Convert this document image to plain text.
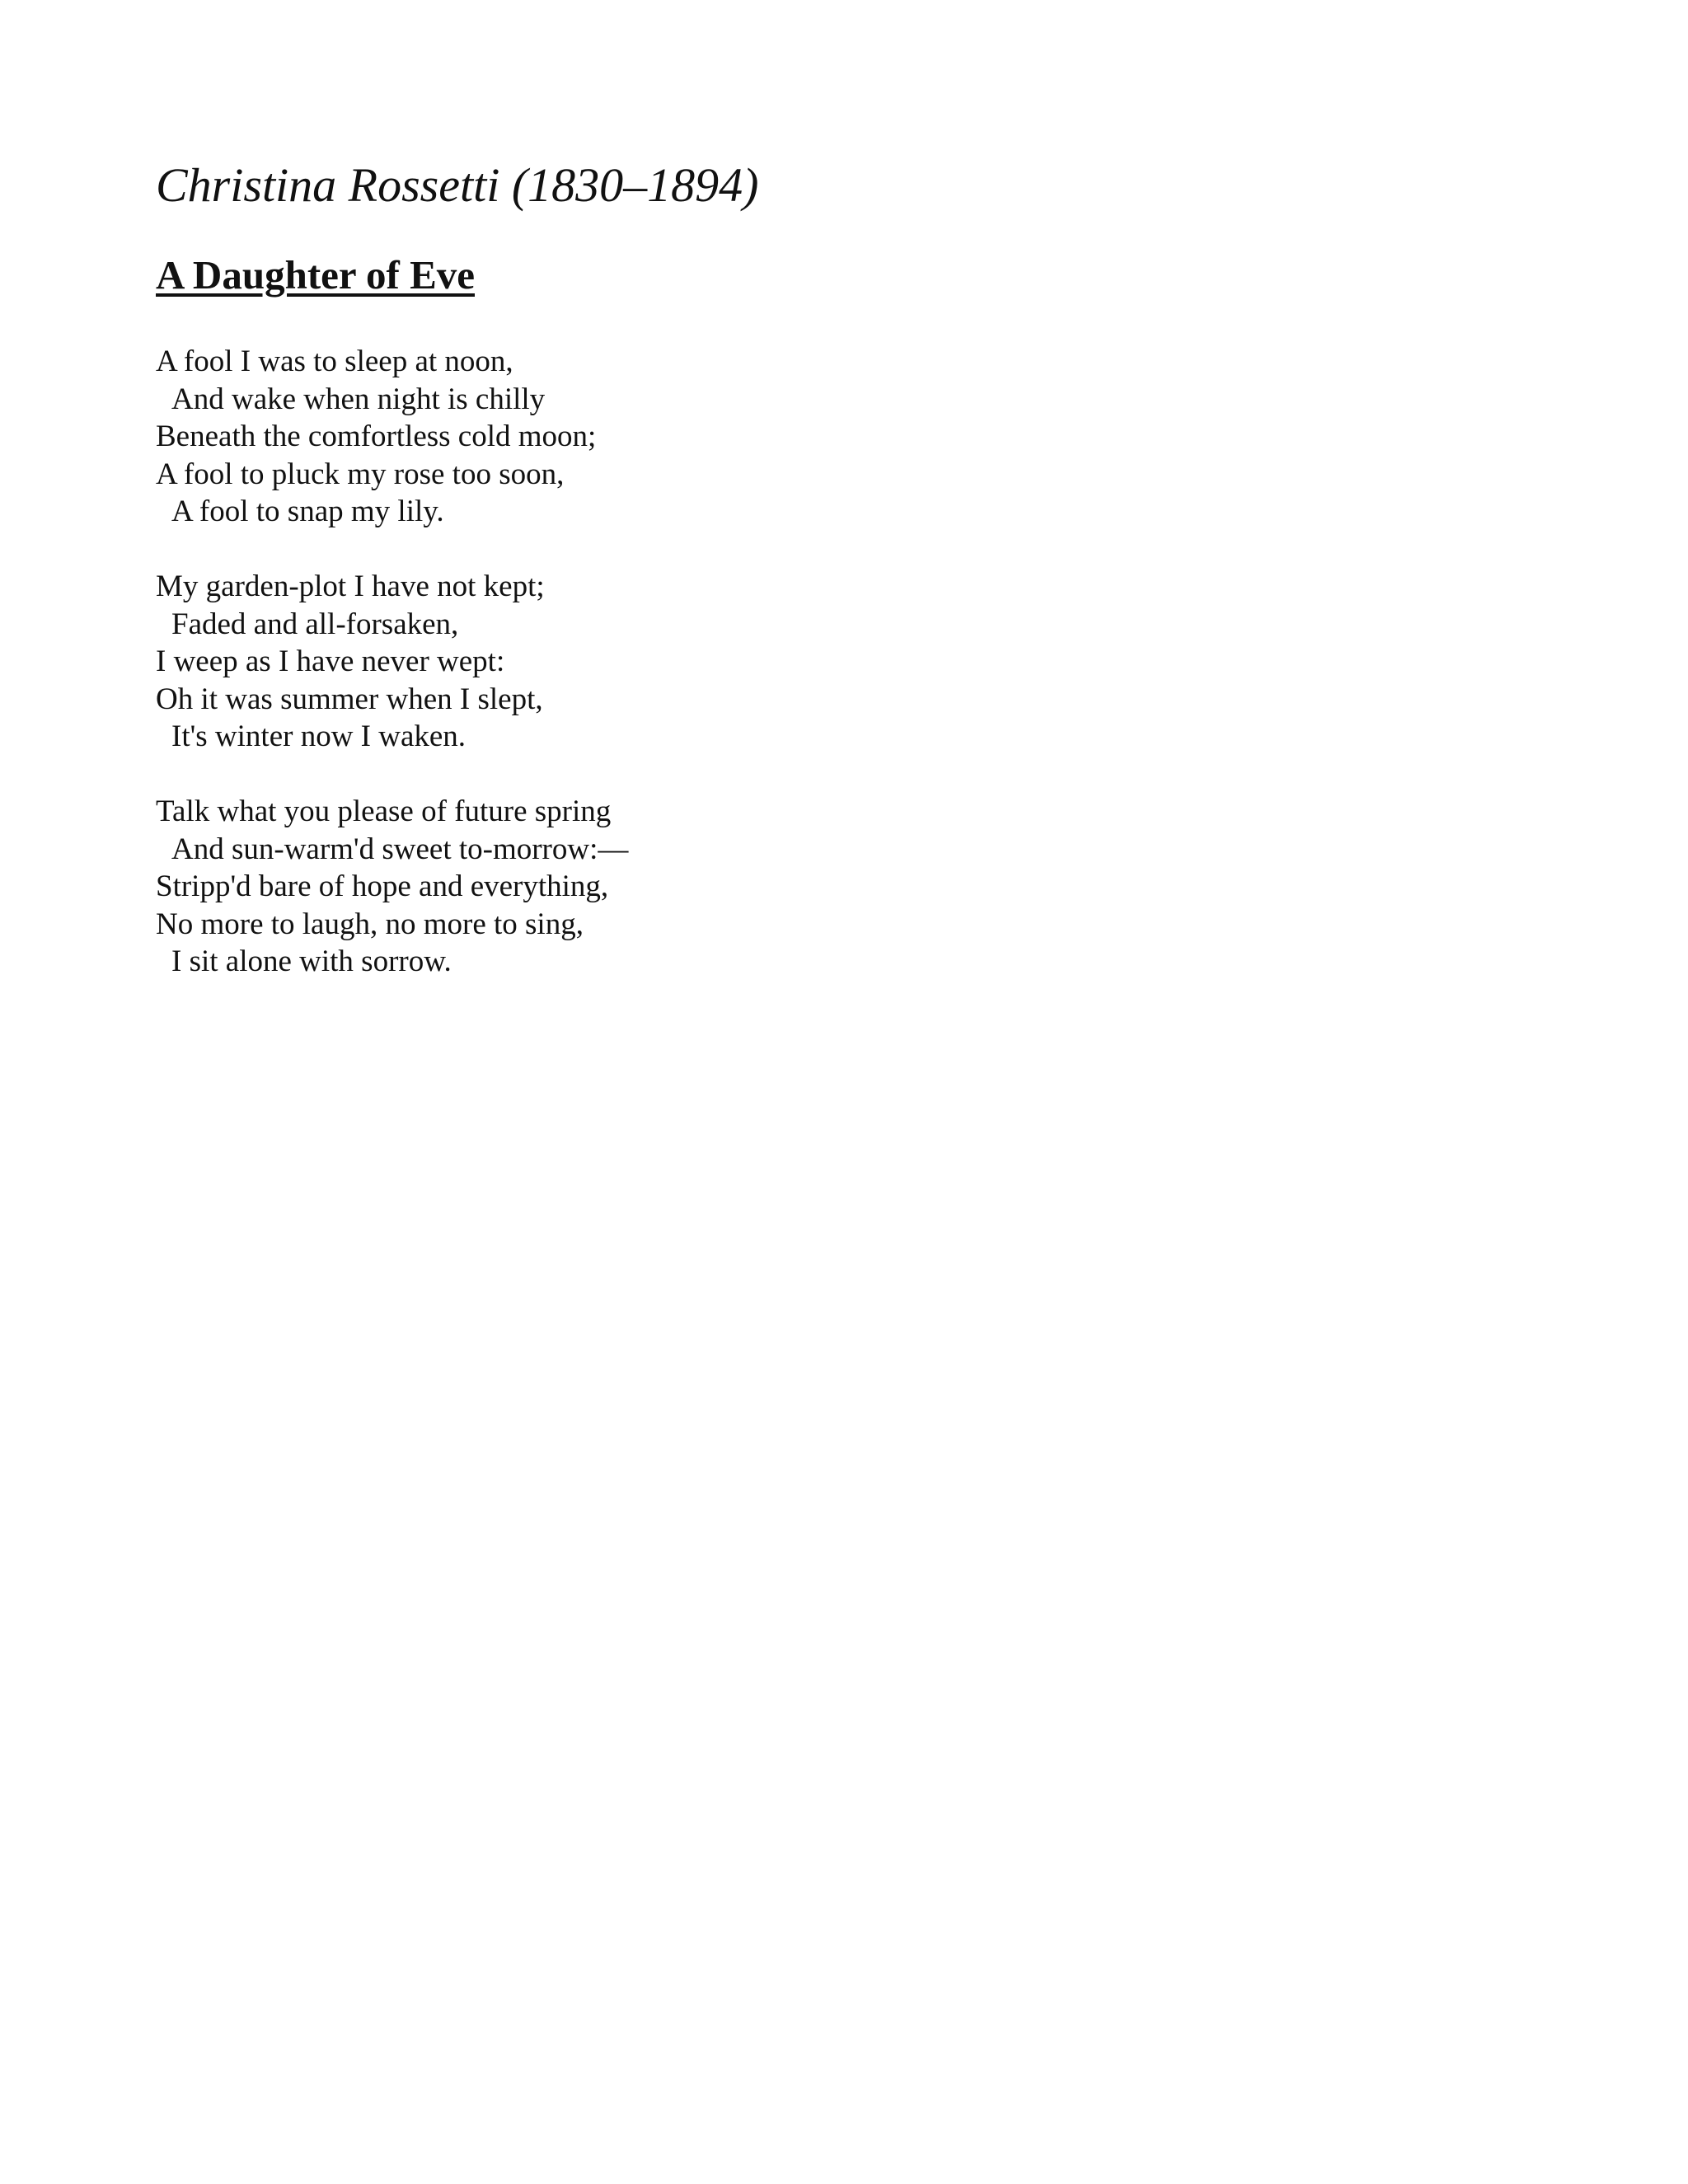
Christina Rossetti (1830–1894)
A Daughter of Eve
A fool I was to sleep at noon,
And wake when night is chilly
Beneath the comfortless cold moon;
A fool to pluck my rose too soon,
A fool to snap my lily.
My garden-plot I have not kept;
Faded and all-forsaken,
I weep as I have never wept:
Oh it was summer when I slept,
It's winter now I waken.
Talk what you please of future spring
And sun-warm'd sweet to-morrow:—
Stripp'd bare of hope and everything,
No more to laugh, no more to sing,
I sit alone with sorrow.
